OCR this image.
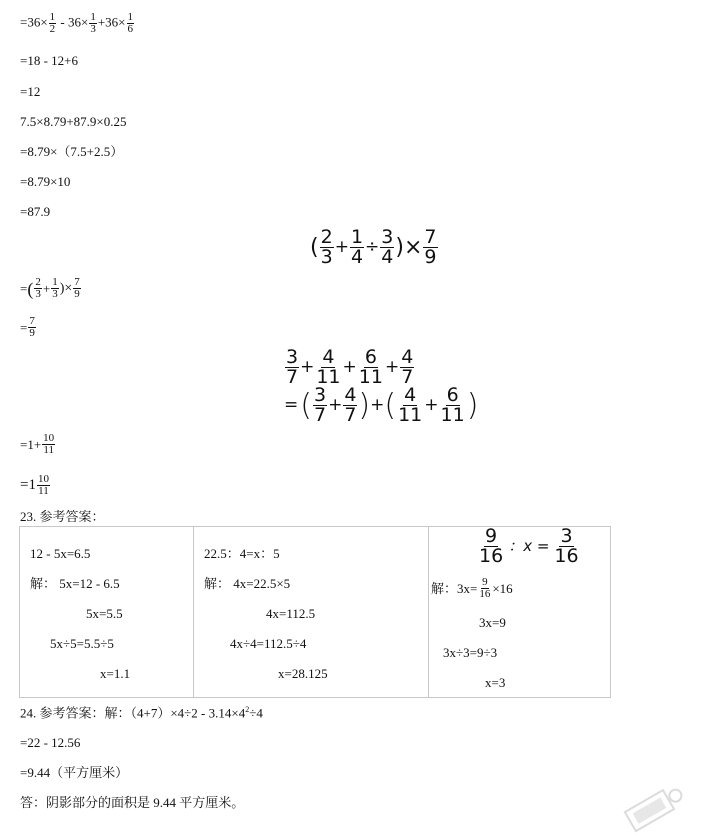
$=36\times \frac{1}{2} - 36\times \frac{1}{3} +36\times \frac{1}{6}$
=18 - 12+6
=12
7.5×8.79+87.9×0.25
=8.79×（7.5+2.5）
=8.79×10
=87.9
( $\frac{2}{3} + \frac{1}{4} \div \frac{3}{4}$ )× $\frac{7}{9}$
= ( $\frac{2}{3} + \frac{1}{3}$ )× $\frac{7}{9}$
= $\frac{7}{9}$
$\frac{3}{7} + \frac{4}{11} + \frac{6}{11} + \frac{4}{7}$
= ( $\frac{3}{7} + \frac{4}{7}$ ) + ( $\frac{4}{11} + \frac{6}{11}$ )
$=1+ \frac{10}{11}$
$=1 \frac{10}{11}$
23. 参考答案：
12 - 5x=6.5
解： 5x=12 - 6.5
5x=5.5
5x÷5=5.5÷5
x=1.1

22.5：4=x：5
解： 4x=22.5×5
4x=112.5
4x÷4=112.5÷4
x=28.125

$\frac{9}{16}$ ：$x = \frac{3}{16}$
解：$3x= \frac{9}{16} \times 16$
3x=9
3x÷3=9÷3
x=3
24. 参考答案：解：$(4+7)\times 4\div 2 - 3.14\times 4^2\div 4$
=22 - 12.56
=9.44（平方厘米）
答：阴影部分的面积是 9.44 平方厘米。
